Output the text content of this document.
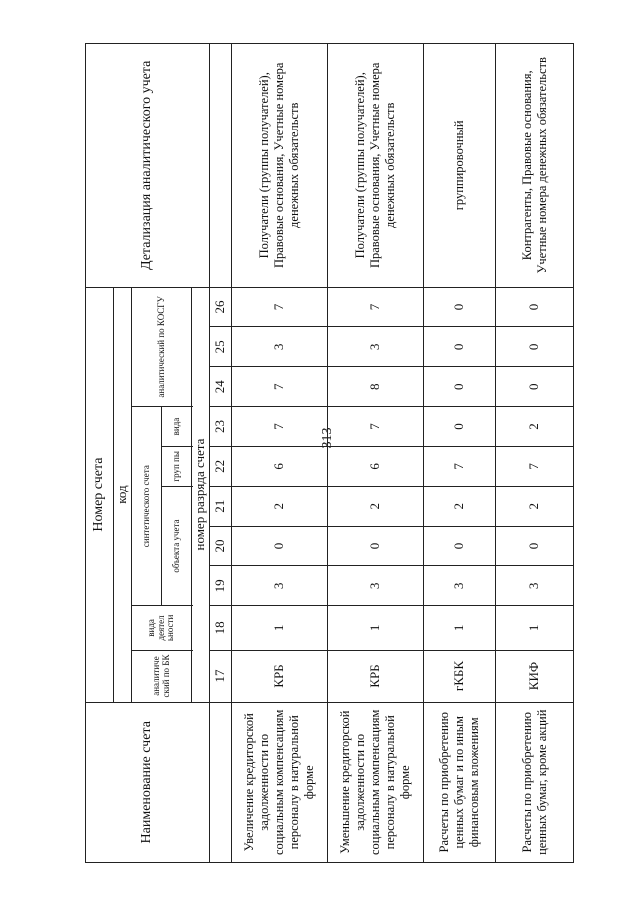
313
Наименование счета	Номер счета										Детализация аналитического учета
	код										
	аналитиче ский по БК	вида деятел ьности	синтетического счета					аналитический по КОСГУ			
			объекта учета			груп пы	вида				

	номер разряда счета										
	17	18	19	20	21	22	23	24	25	26	
Увеличение кредиторской задолженности по социальным компенсациям персоналу в натуральной форме	КРБ	1	3	0	2	6	7	7	3	7	Получатели (группы получателей), Правовые основания, Учетные номера денежных обязательств
Уменьшение кредиторской задолженности по социальным компенсациям персоналу в натуральной форме	КРБ	1	3	0	2	6	7	8	3	7	Получатели (группы получателей), Правовые основания, Учетные номера денежных обязательств
Расчеты по приобретению ценных бумаг и по иным финансовым вложениям	гКБК	1	3	0	2	7	0	0	0	0	группировочный
Расчеты по приобретению ценных бумаг, кроме акций	КИФ	1	3	0	2	7	2	0	0	0	Контрагенты, Правовые основания, Учетные номера денежных обязательств
